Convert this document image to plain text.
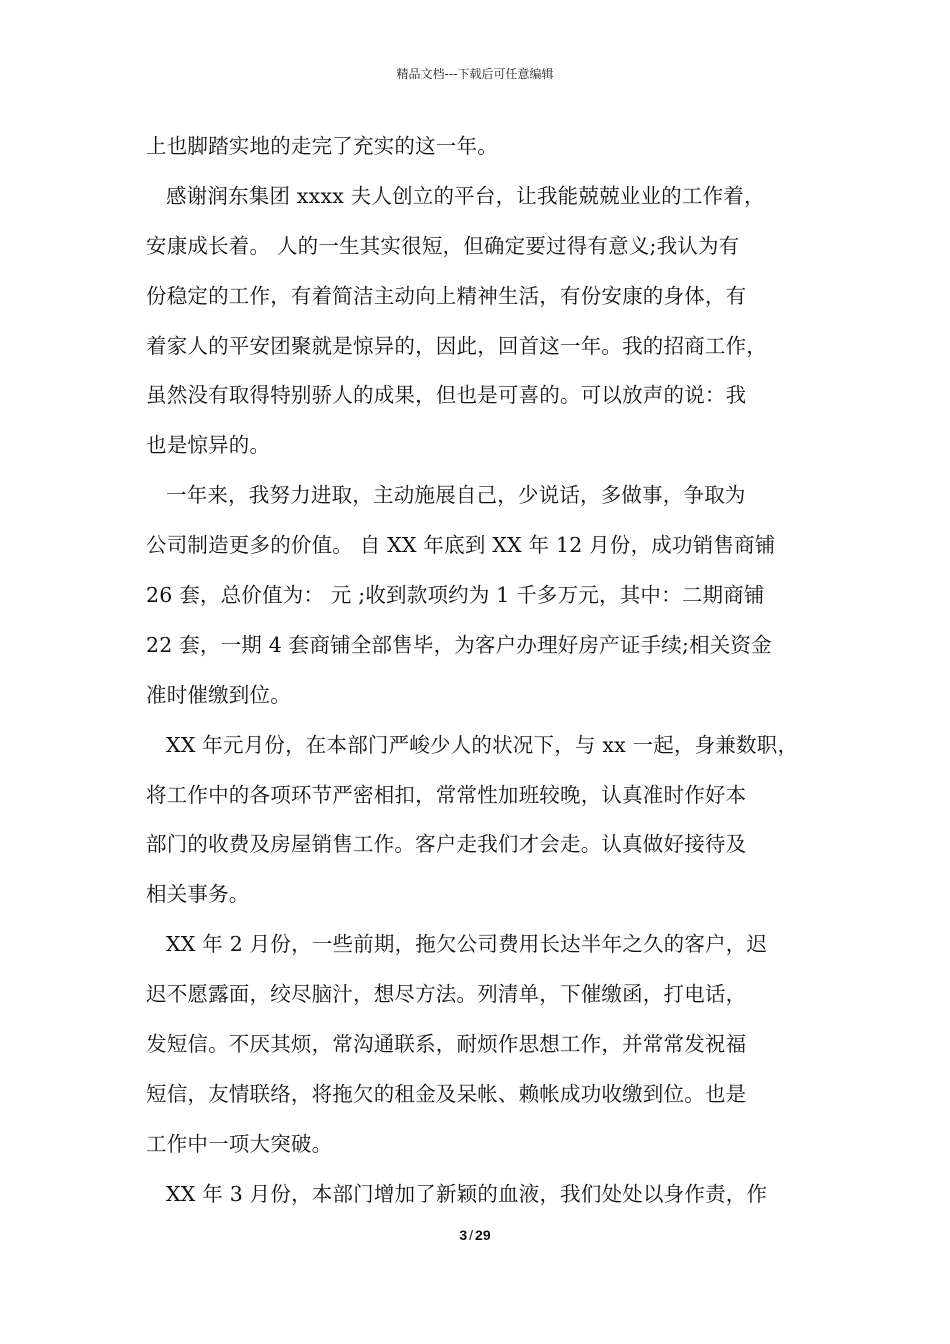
精品文档---下载后可任意编辑
上也脚踏实地的走完了充实的这一年。
感谢润东集团 xxxx 夫人创立的平台，让我能兢兢业业的工作着，
安康成长着。 人的一生其实很短，但确定要过得有意义;我认为有
份稳定的工作，有着简洁主动向上精神生活，有份安康的身体，有
着家人的平安团聚就是惊异的，因此，回首这一年。我的招商工作，
虽然没有取得特别骄人的成果，但也是可喜的。可以放声的说：我
也是惊异的。
一年来，我努力进取，主动施展自己，少说话，多做事，争取为
公司制造更多的价值。 自 XX 年底到 XX 年 12 月份，成功销售商铺
26 套，总价值为： 元 ;收到款项约为 1 千多万元，其中：二期商铺
22 套，一期 4 套商铺全部售毕，为客户办理好房产证手续;相关资金
准时催缴到位。
XX 年元月份，在本部门严峻少人的状况下，与 xx 一起，身兼数职，
将工作中的各项环节严密相扣，常常性加班较晚，认真准时作好本
部门的收费及房屋销售工作。客户走我们才会走。认真做好接待及
相关事务。
XX 年 2 月份，一些前期，拖欠公司费用长达半年之久的客户，迟
迟不愿露面，绞尽脑汁，想尽方法。列清单，下催缴函，打电话，
发短信。不厌其烦，常沟通联系，耐烦作思想工作，并常常发祝福
短信，友情联络，将拖欠的租金及呆帐、赖帐成功收缴到位。也是
工作中一项大突破。
XX 年 3 月份，本部门增加了新颖的血液，我们处处以身作责，作
3 / 29
